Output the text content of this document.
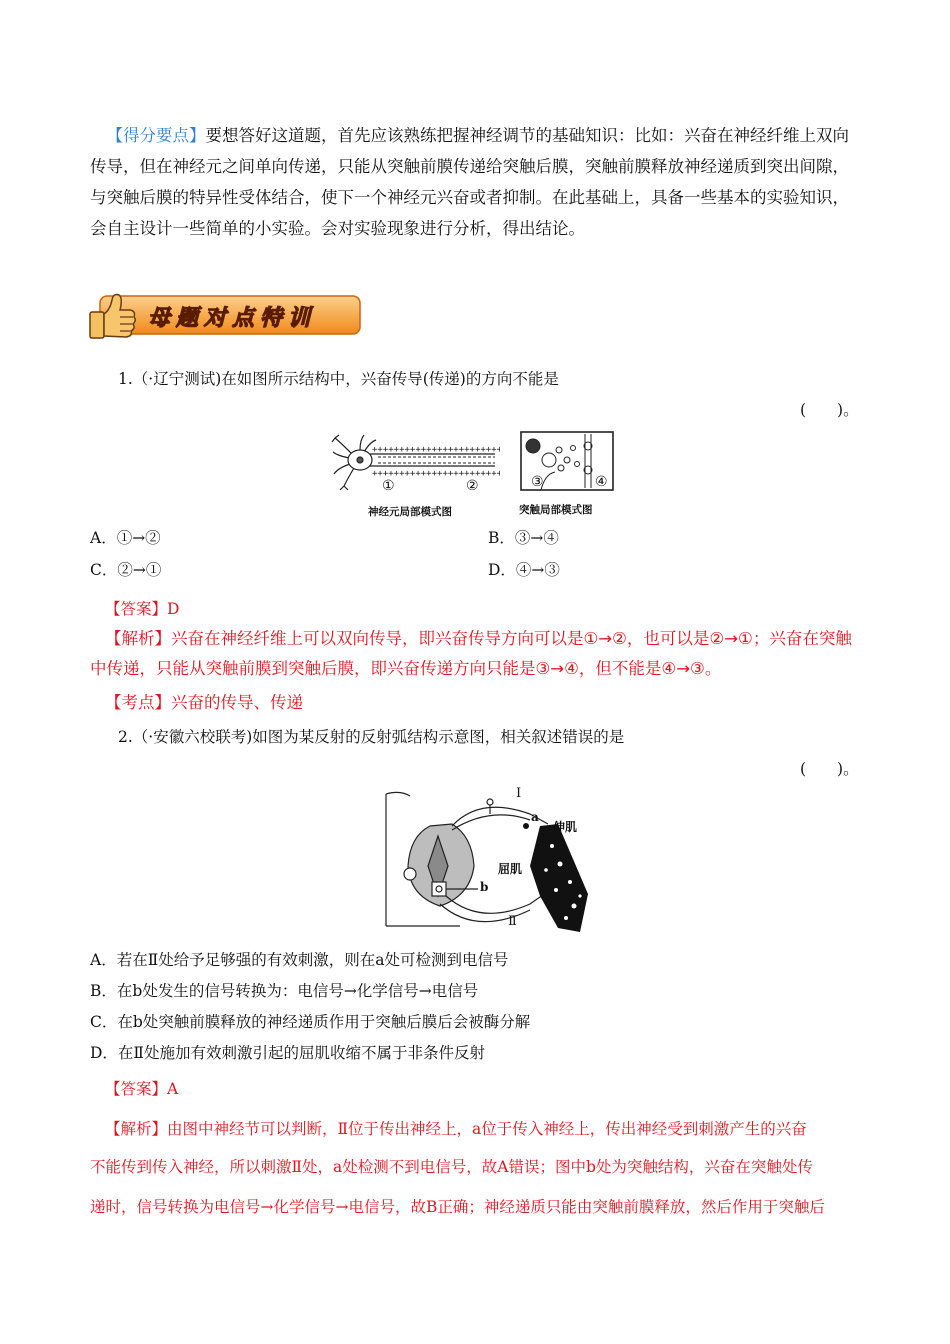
【得分要点】要想答好这道题，首先应该熟练把握神经调节的基础知识：比如：兴奋在神经纤维上双向传导，但在神经元之间单向传递，只能从突触前膜传递给突触后膜，突触前膜释放神经递质到突出间隙，与突触后膜的特异性受体结合，使下一个神经元兴奋或者抑制。在此基础上，具备一些基本的实验知识，会自主设计一些简单的小实验。会对实验现象进行分析，得出结论。
母题对点特训
1.（·辽宁测试)在如图所示结构中，兴奋传导(传递)的方向不能是
(　　)。
++++++++++++++++++++++++
++++++++++++++++++++++++
①	②
神经元局部模式图
③	④
突触局部模式图
A．①→②	B．③→④
C．②→①	D．④→③
【答案】D
【解析】兴奋在神经纤维上可以双向传导，即兴奋传导方向可以是①→②，也可以是②→①；兴奋在突触
中传递，只能从突触前膜到突触后膜，即兴奋传递方向只能是③→④，但不能是④→③。
【考点】兴奋的传导、传递
2.（·安徽六校联考)如图为某反射的反射弧结构示意图，相关叙述错误的是
(　　)。
Ⅰ
a
伸肌
屈肌
b
Ⅱ
A．若在Ⅱ处给予足够强的有效刺激，则在a处可检测到电信号
B．在b处发生的信号转换为：电信号→化学信号→电信号
C．在b处突触前膜释放的神经递质作用于突触后膜后会被酶分解
D．在Ⅱ处施加有效刺激引起的屈肌收缩不属于非条件反射
【答案】A
【解析】由图中神经节可以判断，Ⅱ位于传出神经上，a位于传入神经上，传出神经受到刺激产生的兴奋
不能传到传入神经，所以刺激Ⅱ处，a处检测不到电信号，故A错误；图中b处为突触结构，兴奋在突触处传
递时，信号转换为电信号→化学信号→电信号，故B正确；神经递质只能由突触前膜释放，然后作用于突触后
